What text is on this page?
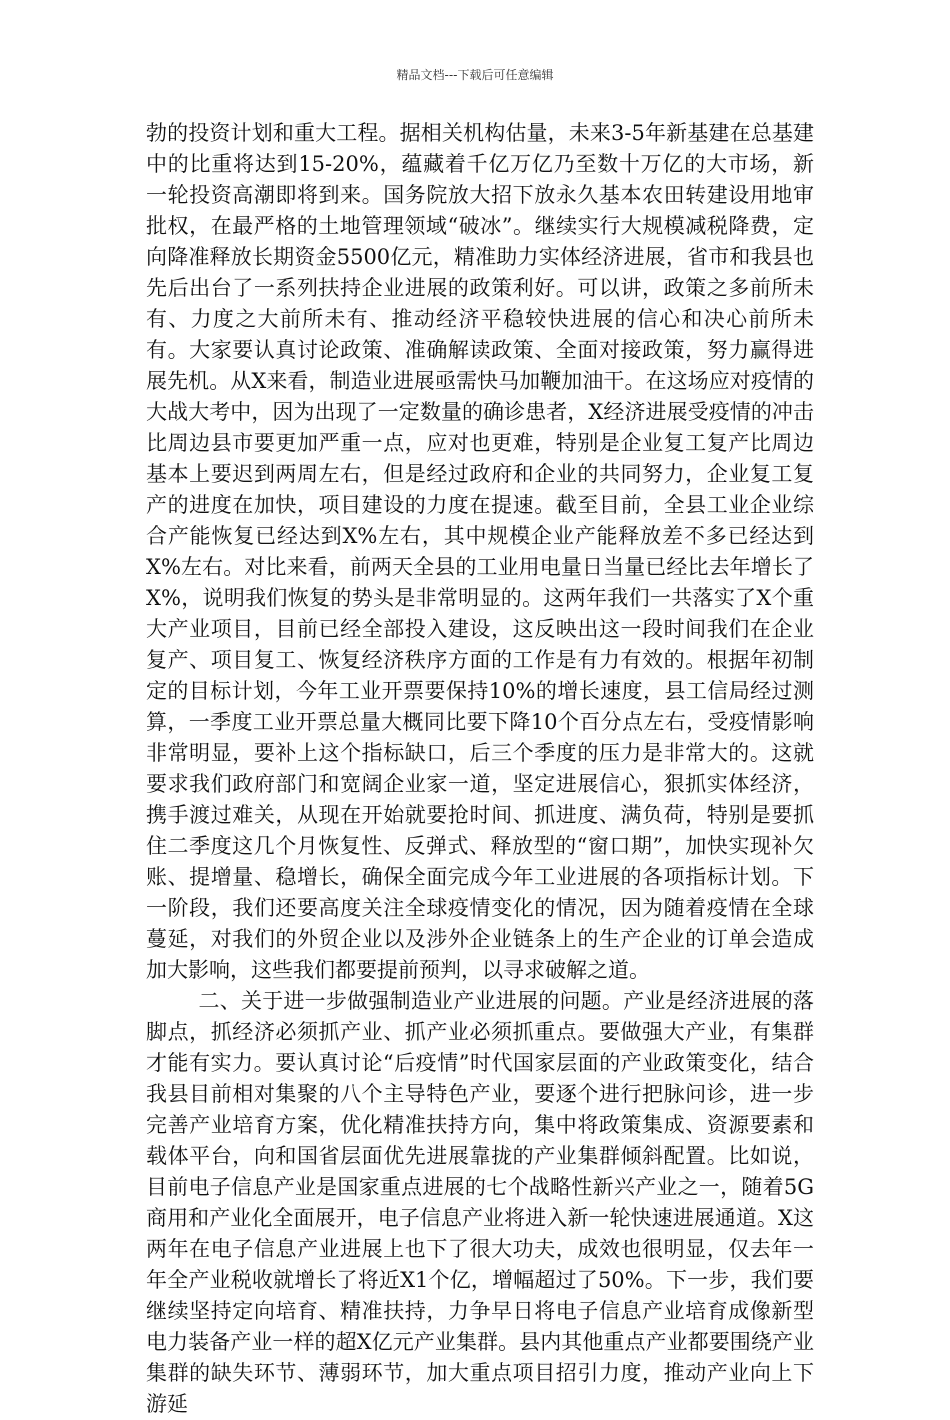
精品文档---下载后可任意编辑

勃的投资计划和重大工程。据相关机构估量，未来3-5年新基建在总基建中的比重将达到15-20%，蕴藏着千亿万亿乃至数十万亿的大市场，新一轮投资高潮即将到来。国务院放大招下放永久基本农田转建设用地审批权，在最严格的土地管理领域“破冰”。继续实行大规模减税降费，定向降准释放长期资金5500亿元，精准助力实体经济进展，省市和我县也先后出台了一系列扶持企业进展的政策利好。可以讲，政策之多前所未有、力度之大前所未有、推动经济平稳较快进展的信心和决心前所未有。大家要认真讨论政策、准确解读政策、全面对接政策，努力赢得进展先机。从X来看，制造业进展亟需快马加鞭加油干。在这场应对疫情的大战大考中，因为出现了一定数量的确诊患者，X经济进展受疫情的冲击比周边县市要更加严重一点，应对也更难，特别是企业复工复产比周边基本上要迟到两周左右，但是经过政府和企业的共同努力，企业复工复产的进度在加快，项目建设的力度在提速。截至目前，全县工业企业综合产能恢复已经达到X%左右，其中规模企业产能释放差不多已经达到X%左右。对比来看，前两天全县的工业用电量日当量已经比去年增长了X%，说明我们恢复的势头是非常明显的。这两年我们一共落实了X个重大产业项目，目前已经全部投入建设，这反映出这一段时间我们在企业复产、项目复工、恢复经济秩序方面的工作是有力有效的。根据年初制定的目标计划，今年工业开票要保持10%的增长速度，县工信局经过测算，一季度工业开票总量大概同比要下降10个百分点左右，受疫情影响非常明显，要补上这个指标缺口，后三个季度的压力是非常大的。这就要求我们政府部门和宽阔企业家一道，坚定进展信心，狠抓实体经济，携手渡过难关，从现在开始就要抢时间、抓进度、满负荷，特别是要抓住二季度这几个月恢复性、反弹式、释放型的“窗口期”，加快实现补欠账、提增量、稳增长，确保全面完成今年工业进展的各项指标计划。下一阶段，我们还要高度关注全球疫情变化的情况，因为随着疫情在全球蔓延，对我们的外贸企业以及涉外企业链条上的生产企业的订单会造成加大影响，这些我们都要提前预判，以寻求破解之道。

二、关于进一步做强制造业产业进展的问题。产业是经济进展的落脚点，抓经济必须抓产业、抓产业必须抓重点。要做强大产业，有集群才能有实力。要认真讨论“后疫情”时代国家层面的产业政策变化，结合我县目前相对集聚的八个主导特色产业，要逐个进行把脉问诊，进一步完善产业培育方案，优化精准扶持方向，集中将政策集成、资源要素和载体平台，向和国省层面优先进展靠拢的产业集群倾斜配置。比如说，目前电子信息产业是国家重点进展的七个战略性新兴产业之一，随着5G商用和产业化全面展开，电子信息产业将进入新一轮快速进展通道。X这两年在电子信息产业进展上也下了很大功夫，成效也很明显，仅去年一年全产业税收就增长了将近X1个亿，增幅超过了50%。下一步，我们要继续坚持定向培育、精准扶持，力争早日将电子信息产业培育成像新型电力装备产业一样的超X亿元产业集群。县内其他重点产业都要围绕产业集群的缺失环节、薄弱环节，加大重点项目招引力度，推动产业向上下游延
